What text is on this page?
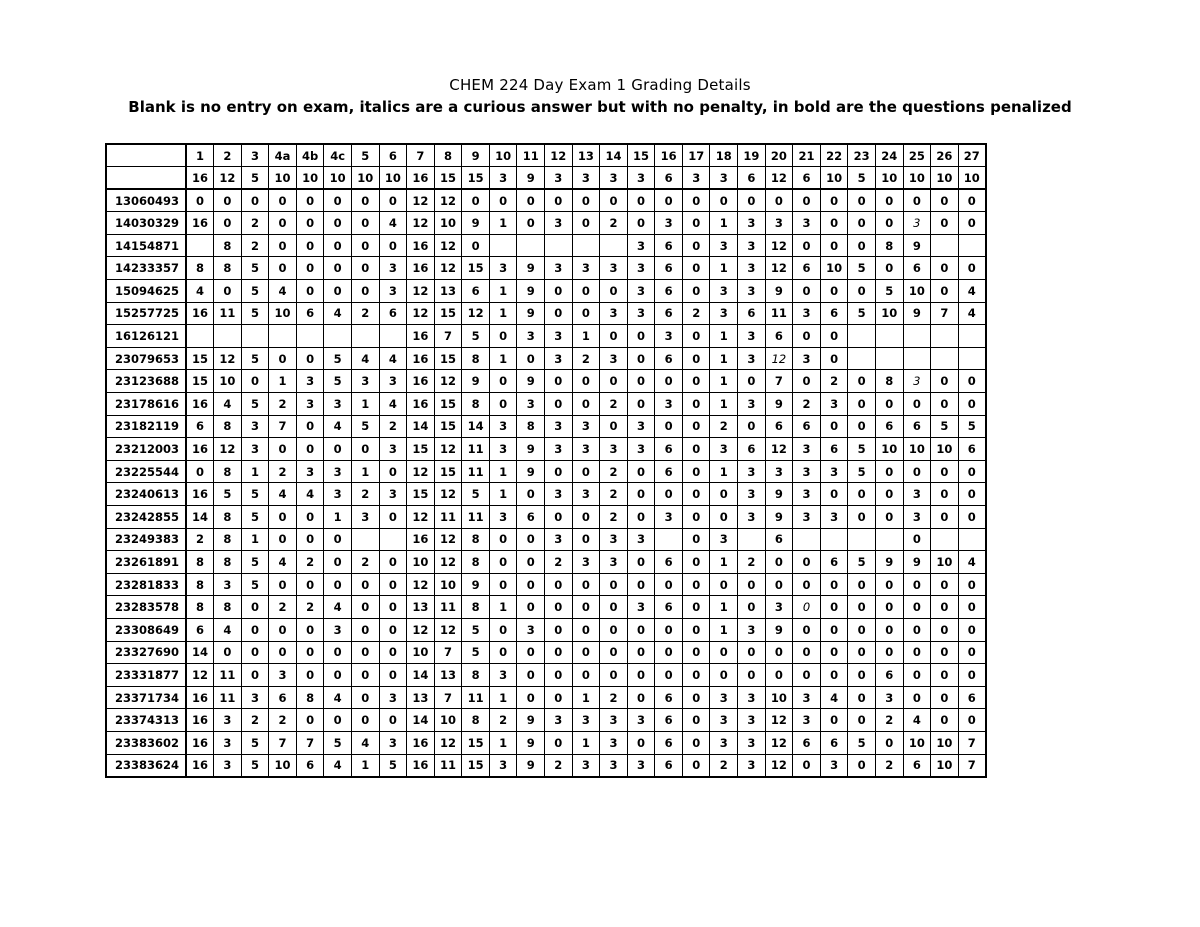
CHEM 224 Day Exam 1 Grading Details
Blank is no entry on exam, italics are a curious answer but with no penalty, in bold are the questions penalized
	1	2	3	4a	4b	4c	5	6	7	8	9	10	11	12	13	14	15	16	17	18	19	20	21	22	23	24	25	26	27
	16	12	5	10	10	10	10	10	16	15	15	3	9	3	3	3	3	6	3	3	6	12	6	10	5	10	10	10	10
13060493	0	0	0	0	0	0	0	0	12	12	0	0	0	0	0	0	0	0	0	0	0	0	0	0	0	0	0	0	0
14030329	16	0	2	0	0	0	0	4	12	10	9	1	0	3	0	2	0	3	0	1	3	3	3	0	0	0	3	0	0
14154871		8	2	0	0	0	0	0	16	12	0						3	6	0	3	3	12	0	0	0	8	9		
14233357	8	8	5	0	0	0	0	3	16	12	15	3	9	3	3	3	3	6	0	1	3	12	6	10	5	0	6	0	0
15094625	4	0	5	4	0	0	0	3	12	13	6	1	9	0	0	0	3	6	0	3	3	9	0	0	0	5	10	0	4
15257725	16	11	5	10	6	4	2	6	12	15	12	1	9	0	0	3	3	6	2	3	6	11	3	6	5	10	9	7	4
16126121									16	7	5	0	3	3	1	0	0	3	0	1	3	6	0	0					
23079653	15	12	5	0	0	5	4	4	16	15	8	1	0	3	2	3	0	6	0	1	3	12	3	0					
23123688	15	10	0	1	3	5	3	3	16	12	9	0	9	0	0	0	0	0	0	1	0	7	0	2	0	8	3	0	0
23178616	16	4	5	2	3	3	1	4	16	15	8	0	3	0	0	2	0	3	0	1	3	9	2	3	0	0	0	0	0
23182119	6	8	3	7	0	4	5	2	14	15	14	3	8	3	3	0	3	0	0	2	0	6	6	0	0	6	6	5	5
23212003	16	12	3	0	0	0	0	3	15	12	11	3	9	3	3	3	3	6	0	3	6	12	3	6	5	10	10	10	6
23225544	0	8	1	2	3	3	1	0	12	15	11	1	9	0	0	2	0	6	0	1	3	3	3	3	5	0	0	0	0
23240613	16	5	5	4	4	3	2	3	15	12	5	1	0	3	3	2	0	0	0	0	3	9	3	0	0	0	3	0	0
23242855	14	8	5	0	0	1	3	0	12	11	11	3	6	0	0	2	0	3	0	0	3	9	3	3	0	0	3	0	0
23249383	2	8	1	0	0	0			16	12	8	0	0	3	0	3	3		0	3		6					0		
23261891	8	8	5	4	2	0	2	0	10	12	8	0	0	2	3	3	0	6	0	1	2	0	0	6	5	9	9	10	4
23281833	8	3	5	0	0	0	0	0	12	10	9	0	0	0	0	0	0	0	0	0	0	0	0	0	0	0	0	0	0
23283578	8	8	0	2	2	4	0	0	13	11	8	1	0	0	0	0	3	6	0	1	0	3	0	0	0	0	0	0	0
23308649	6	4	0	0	0	3	0	0	12	12	5	0	3	0	0	0	0	0	0	1	3	9	0	0	0	0	0	0	0
23327690	14	0	0	0	0	0	0	0	10	7	5	0	0	0	0	0	0	0	0	0	0	0	0	0	0	0	0	0	0
23331877	12	11	0	3	0	0	0	0	14	13	8	3	0	0	0	0	0	0	0	0	0	0	0	0	0	6	0	0	0
23371734	16	11	3	6	8	4	0	3	13	7	11	1	0	0	1	2	0	6	0	3	3	10	3	4	0	3	0	0	6
23374313	16	3	2	2	0	0	0	0	14	10	8	2	9	3	3	3	3	6	0	3	3	12	3	0	0	2	4	0	0
23383602	16	3	5	7	7	5	4	3	16	12	15	1	9	0	1	3	0	6	0	3	3	12	6	6	5	0	10	10	7
23383624	16	3	5	10	6	4	1	5	16	11	15	3	9	2	3	3	3	6	0	2	3	12	0	3	0	2	6	10	7
